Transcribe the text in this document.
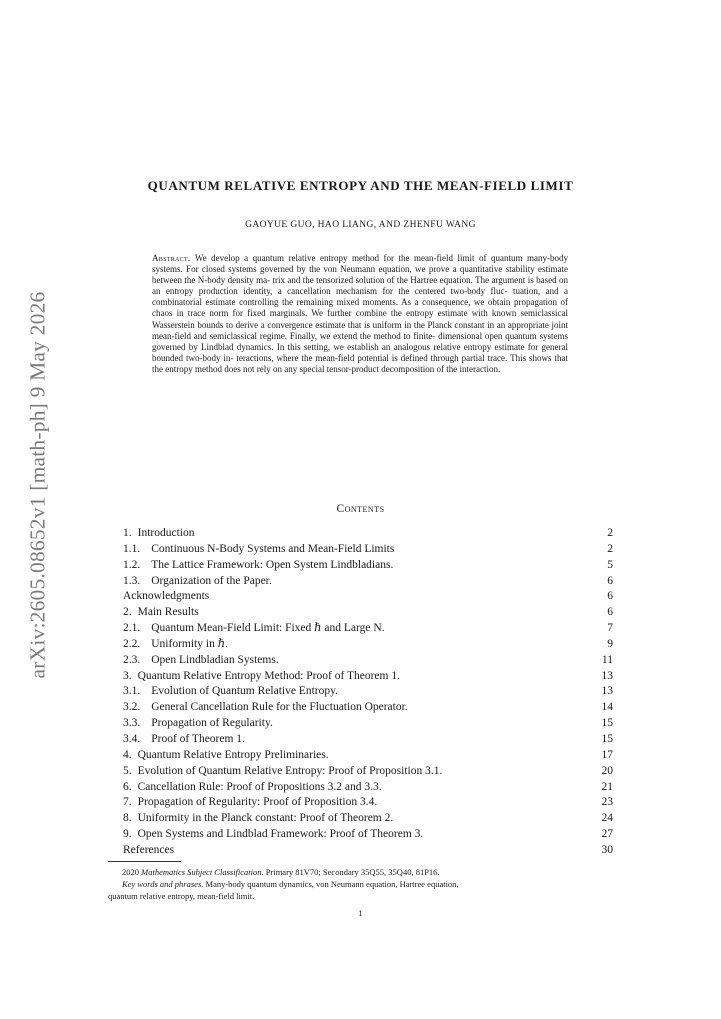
arXiv:2605.08652v1 [math-ph] 9 May 2026
QUANTUM RELATIVE ENTROPY AND THE MEAN-FIELD LIMIT
GAOYUE GUO, HAO LIANG, AND ZHENFU WANG
Abstract. We develop a quantum relative entropy method for the mean-field limit of quantum many-body systems. For closed systems governed by the von Neumann equation, we prove a quantitative stability estimate between the N-body density ma- trix and the tensorized solution of the Hartree equation. The argument is based on an entropy production identity, a cancellation mechanism for the centered two-body fluc- tuation, and a combinatorial estimate controlling the remaining mixed moments. As a consequence, we obtain propagation of chaos in trace norm for fixed marginals. We further combine the entropy estimate with known semiclassical Wasserstein bounds to derive a convergence estimate that is uniform in the Planck constant in an appropriate joint mean-field and semiclassical regime. Finally, we extend the method to finite- dimensional open quantum systems governed by Lindblad dynamics. In this setting, we establish an analogous relative entropy estimate for general bounded two-body in- teractions, where the mean-field potential is defined through partial trace. This shows that the entropy method does not rely on any special tensor-product decomposition of the interaction.
Contents
1. Introduction	2
1.1. Continuous N-Body Systems and Mean-Field Limits	2
1.2. The Lattice Framework: Open System Lindbladians.	5
1.3. Organization of the Paper.	6
Acknowledgments	6
2. Main Results	6
2.1. Quantum Mean-Field Limit: Fixed ℏ and Large N.	7
2.2. Uniformity in ℏ.	9
2.3. Open Lindbladian Systems.	11
3. Quantum Relative Entropy Method: Proof of Theorem 1.	13
3.1. Evolution of Quantum Relative Entropy.	13
3.2. General Cancellation Rule for the Fluctuation Operator.	14
3.3. Propagation of Regularity.	15
3.4. Proof of Theorem 1.	15
4. Quantum Relative Entropy Preliminaries.	17
5. Evolution of Quantum Relative Entropy: Proof of Proposition 3.1.	20
6. Cancellation Rule: Proof of Propositions 3.2 and 3.3.	21
7. Propagation of Regularity: Proof of Proposition 3.4.	23
8. Uniformity in the Planck constant: Proof of Theorem 2.	24
9. Open Systems and Lindblad Framework: Proof of Theorem 3.	27
References	30
2020 Mathematics Subject Classification. Primary 81V70; Secondary 35Q55, 35Q40, 81P16.
Key words and phrases. Many-body quantum dynamics, von Neumann equation, Hartree equation,
quantum relative entropy, mean-field limit.
1
